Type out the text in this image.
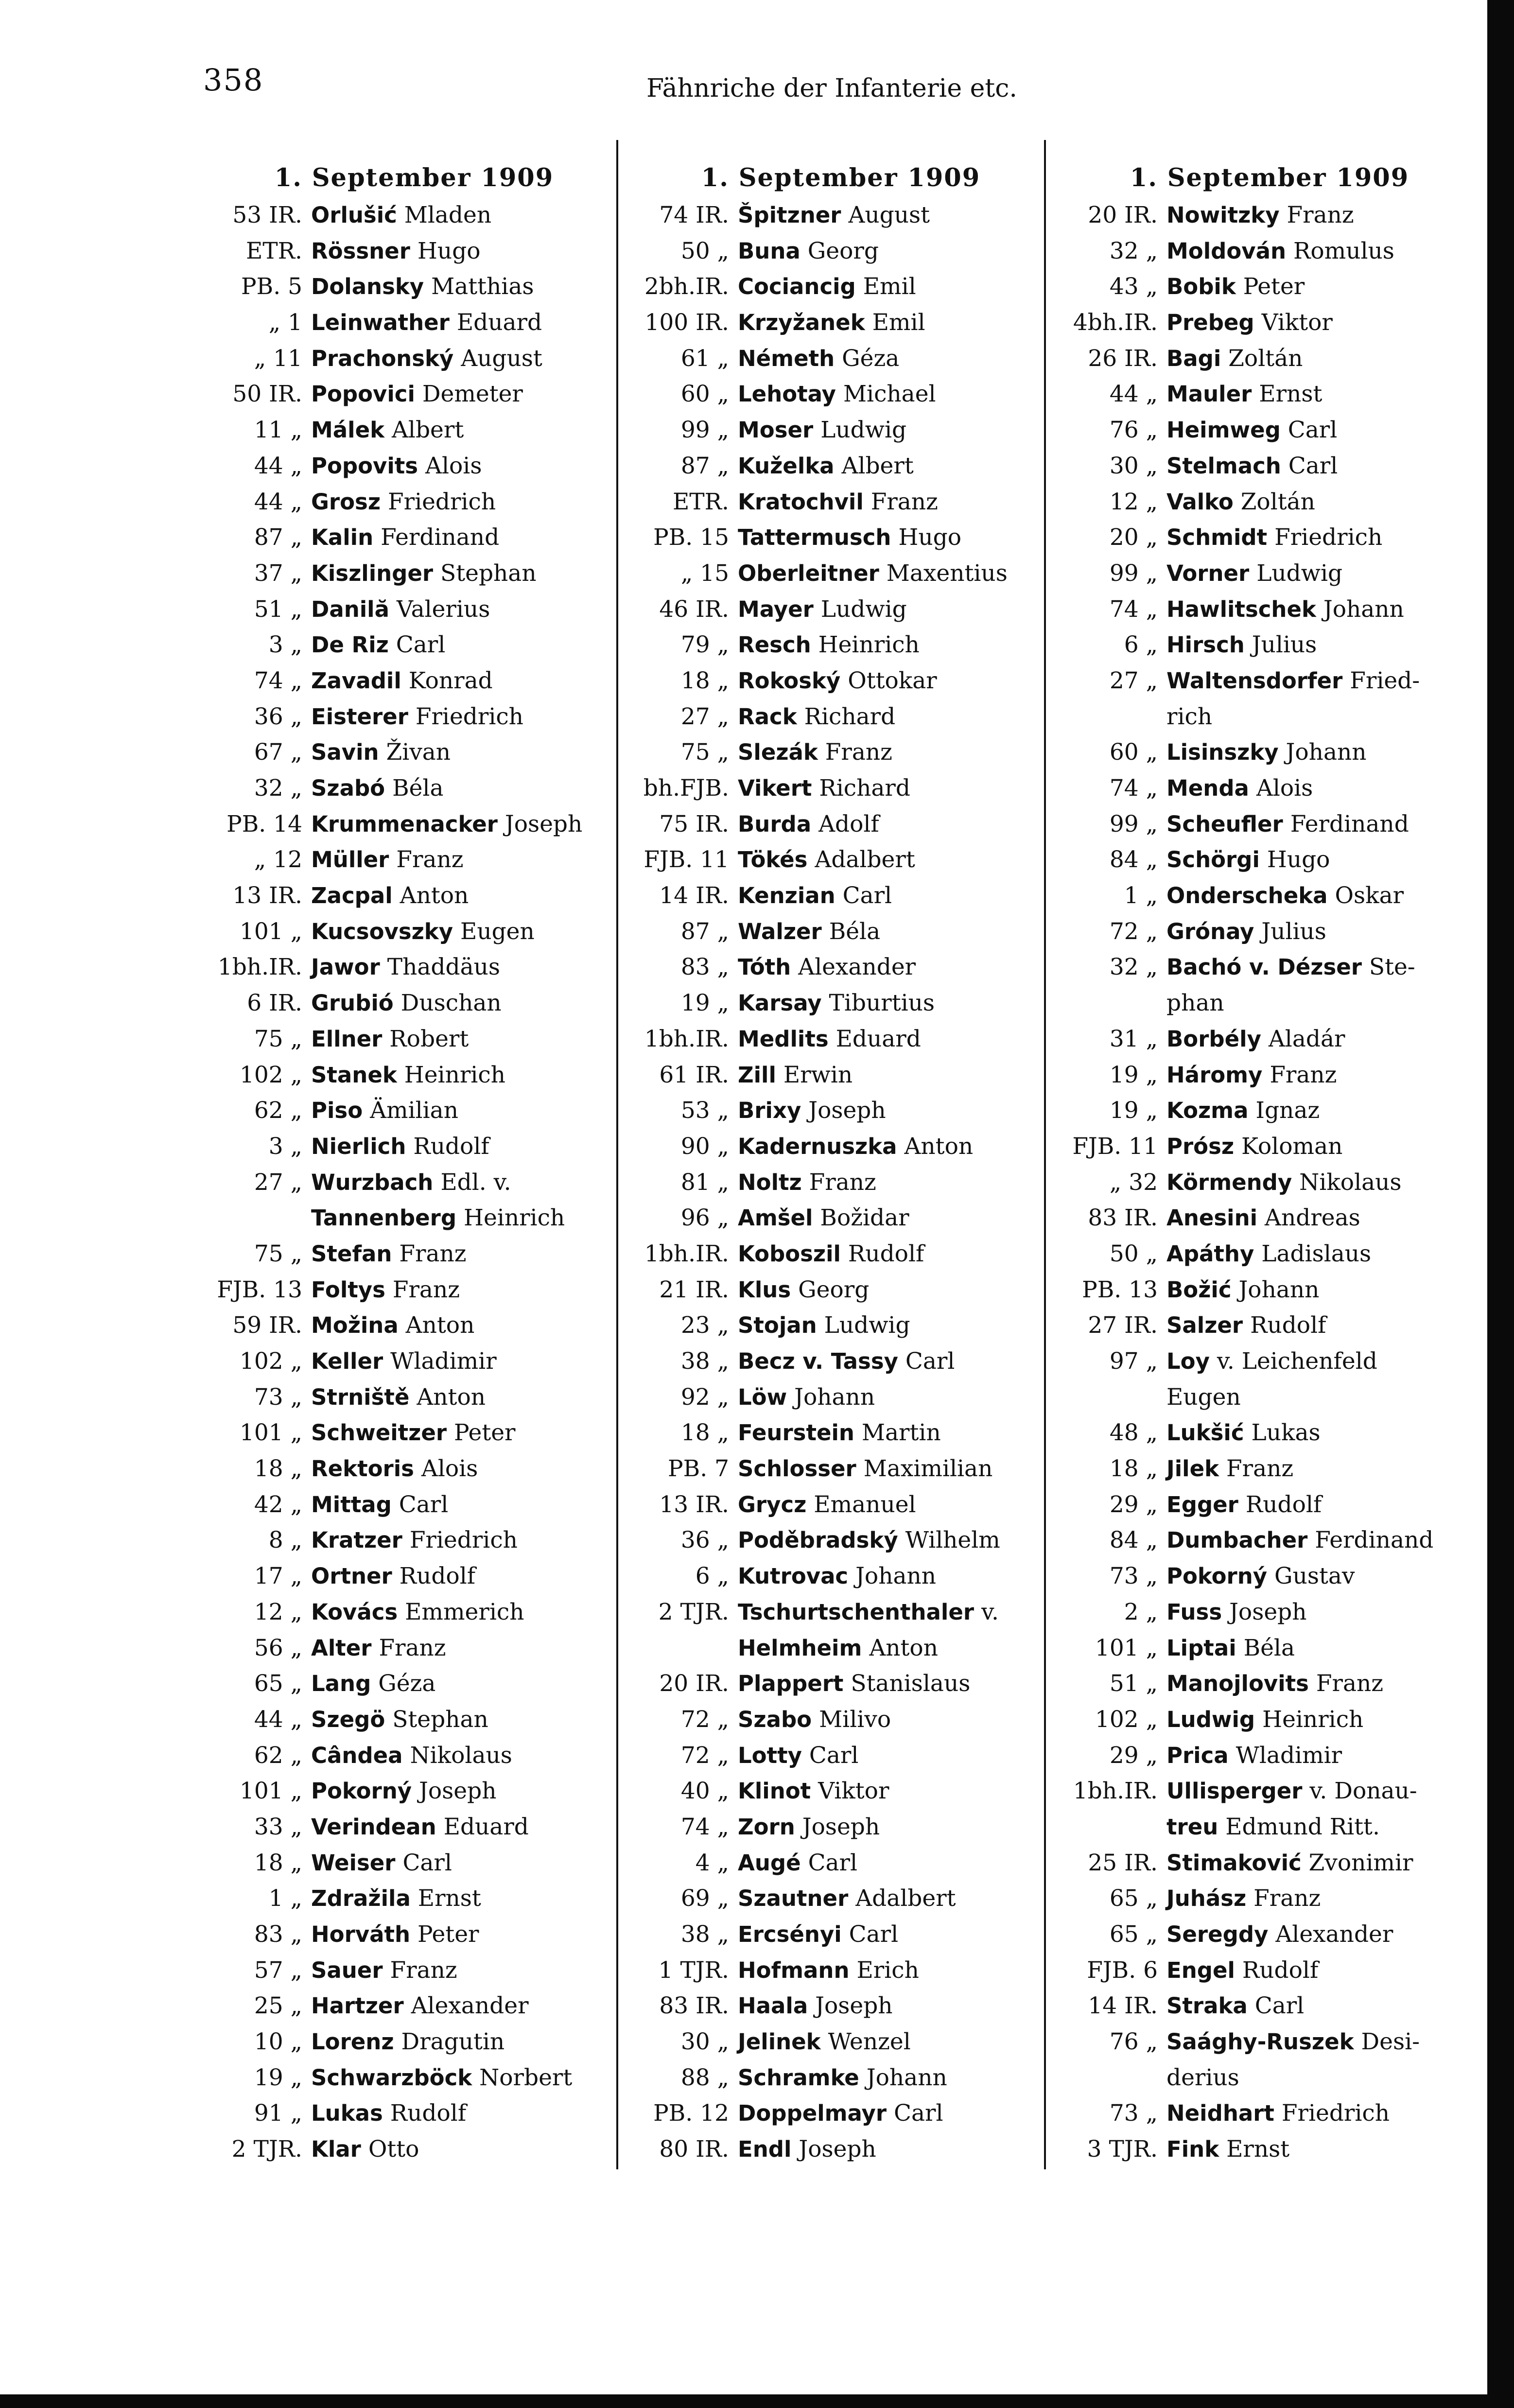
358	Fähnriche der Infanterie etc.
1. September 1909
53 IR. Orlušić Mladen
ETR. Rössner Hugo
PB. 5 Dolansky Matthias
„ 1 Leinwather Eduard
„ 11 Prachonský August
50 IR. Popovici Demeter
11 „ Málek Albert
44 „ Popovits Alois
44 „ Grosz Friedrich
87 „ Kalin Ferdinand
37 „ Kiszlinger Stephan
51 „ Danilă Valerius
3 „ De Riz Carl
74 „ Zavadil Konrad
36 „ Eisterer Friedrich
67 „ Savin Živan
32 „ Szabó Béla
PB. 14 Krummenacker Joseph
„ 12 Müller Franz
13 IR. Zacpal Anton
101 „ Kucsovszky Eugen
1bh.IR. Jawor Thaddäus
6 IR. Grubió Duschan
75 „ Ellner Robert
102 „ Stanek Heinrich
62 „ Piso Ämilian
3 „ Nierlich Rudolf
27 „ Wurzbach Edl. v.
Tannenberg Heinrich
75 „ Stefan Franz
FJB. 13 Foltys Franz
59 IR. Možina Anton
102 „ Keller Wladimir
73 „ Strniště Anton
101 „ Schweitzer Peter
18 „ Rektoris Alois
42 „ Mittag Carl
8 „ Kratzer Friedrich
17 „ Ortner Rudolf
12 „ Kovács Emmerich
56 „ Alter Franz
65 „ Lang Géza
44 „ Szegö Stephan
62 „ Cândea Nikolaus
101 „ Pokorný Joseph
33 „ Verindean Eduard
18 „ Weiser Carl
1 „ Zdražila Ernst
83 „ Horváth Peter
57 „ Sauer Franz
25 „ Hartzer Alexander
10 „ Lorenz Dragutin
19 „ Schwarzböck Norbert
91 „ Lukas Rudolf
2 TJR. Klar Otto
1. September 1909
74 IR. Špitzner August
50 „ Buna Georg
2bh.IR. Cociancig Emil
100 IR. Krzyžanek Emil
61 „ Németh Géza
60 „ Lehotay Michael
99 „ Moser Ludwig
87 „ Kuželka Albert
ETR. Kratochvil Franz
PB. 15 Tattermusch Hugo
„ 15 Oberleitner Maxentius
46 IR. Mayer Ludwig
79 „ Resch Heinrich
18 „ Rokoský Ottokar
27 „ Rack Richard
75 „ Slezák Franz
bh.FJB. Vikert Richard
75 IR. Burda Adolf
FJB. 11 Tökés Adalbert
14 IR. Kenzian Carl
87 „ Walzer Béla
83 „ Tóth Alexander
19 „ Karsay Tiburtius
1bh.IR. Medlits Eduard
61 IR. Zill Erwin
53 „ Brixy Joseph
90 „ Kadernuszka Anton
81 „ Noltz Franz
96 „ Amšel Božidar
1bh.IR. Koboszil Rudolf
21 IR. Klus Georg
23 „ Stojan Ludwig
38 „ Becz v. Tassy Carl
92 „ Löw Johann
18 „ Feurstein Martin
PB. 7 Schlosser Maximilian
13 IR. Grycz Emanuel
36 „ Poděbradský Wilhelm
6 „ Kutrovac Johann
2 TJR. Tschurtschenthaler v.
Helmheim Anton
20 IR. Plappert Stanislaus
72 „ Szabo Milivo
72 „ Lotty Carl
40 „ Klinot Viktor
74 „ Zorn Joseph
4 „ Augé Carl
69 „ Szautner Adalbert
38 „ Ercsényi Carl
1 TJR. Hofmann Erich
83 IR. Haala Joseph
30 „ Jelinek Wenzel
88 „ Schramke Johann
PB. 12 Doppelmayr Carl
80 IR. Endl Joseph
1. September 1909
20 IR. Nowitzky Franz
32 „ Moldován Romulus
43 „ Bobik Peter
4bh.IR. Prebeg Viktor
26 IR. Bagi Zoltán
44 „ Mauler Ernst
76 „ Heimweg Carl
30 „ Stelmach Carl
12 „ Valko Zoltán
20 „ Schmidt Friedrich
99 „ Vorner Ludwig
74 „ Hawlitschek Johann
6 „ Hirsch Julius
27 „ Waltensdorfer Fried-
rich
60 „ Lisinszky Johann
74 „ Menda Alois
99 „ Scheufler Ferdinand
84 „ Schörgi Hugo
1 „ Onderscheka Oskar
72 „ Grónay Julius
32 „ Bachó v. Dézser Ste-
phan
31 „ Borbély Aladár
19 „ Háromy Franz
19 „ Kozma Ignaz
FJB. 11 Prósz Koloman
„ 32 Körmendy Nikolaus
83 IR. Anesini Andreas
50 „ Apáthy Ladislaus
PB. 13 Božić Johann
27 IR. Salzer Rudolf
97 „ Loy v. Leichenfeld
Eugen
48 „ Lukšić Lukas
18 „ Jilek Franz
29 „ Egger Rudolf
84 „ Dumbacher Ferdinand
73 „ Pokorný Gustav
2 „ Fuss Joseph
101 „ Liptai Béla
51 „ Manojlovits Franz
102 „ Ludwig Heinrich
29 „ Prica Wladimir
1bh.IR. Ullisperger v. Donau-
treu Edmund Ritt.
25 IR. Stimaković Zvonimir
65 „ Juhász Franz
65 „ Seregdy Alexander
FJB. 6 Engel Rudolf
14 IR. Straka Carl
76 „ Saághy-Ruszek Desi-
derius
73 „ Neidhart Friedrich
3 TJR. Fink Ernst
